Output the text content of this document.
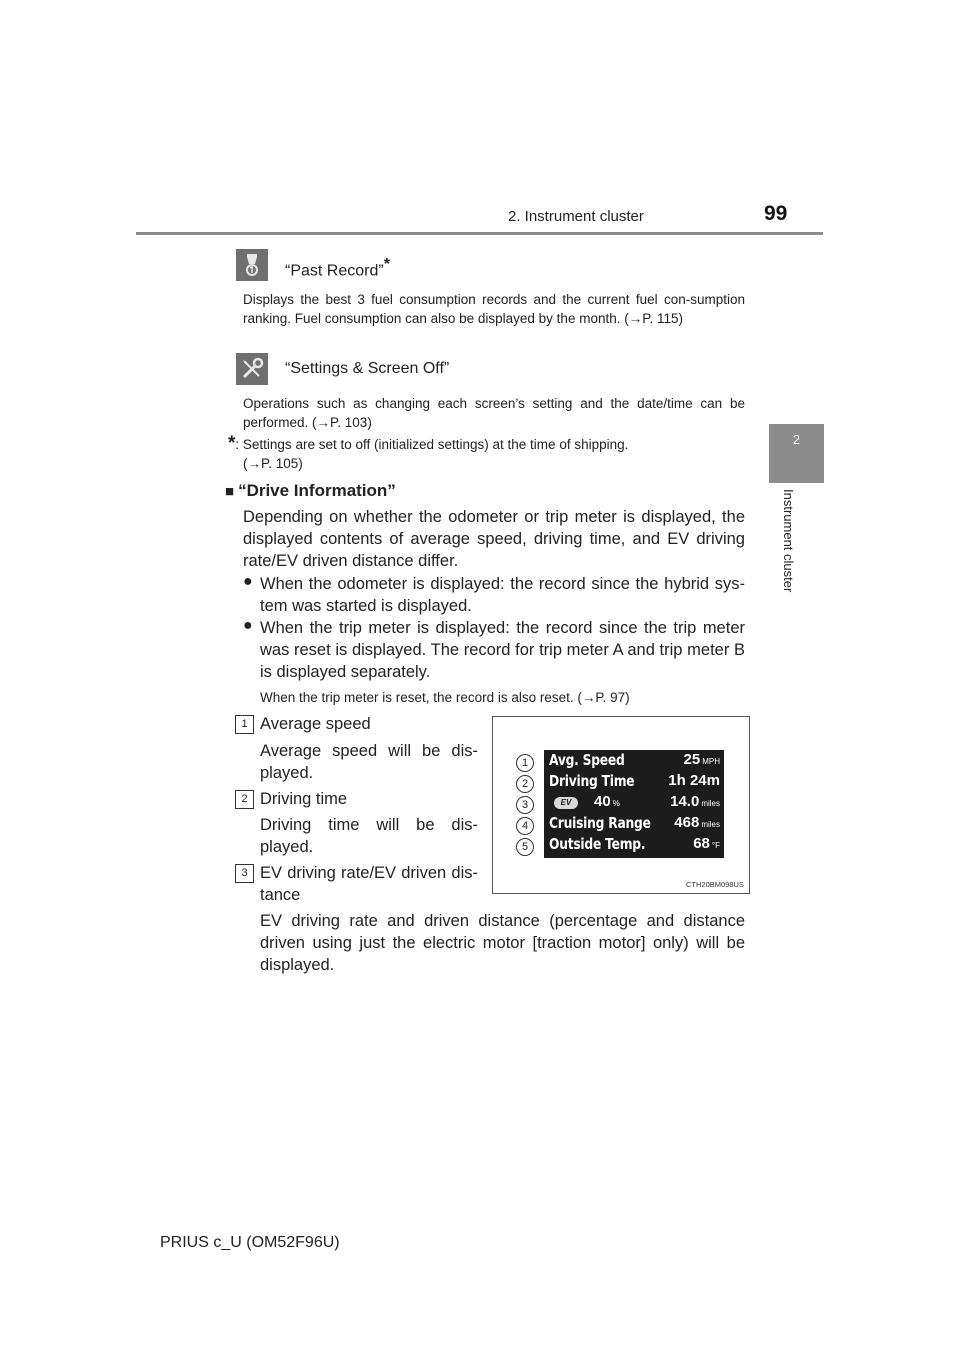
2. Instrument cluster	99
2
Instrument cluster
“Past Record”*
Displays the best 3 fuel consumption records and the current fuel con-sumption ranking. Fuel consumption can also be displayed by the month. (→P. 115)
“Settings & Screen Off”
Operations such as changing each screen’s setting and the date/time can be performed. (→P. 103)
*: Settings are set to off (initialized settings) at the time of shipping.
(→P. 105)
■ “Drive Information”
Depending on whether the odometer or trip meter is displayed, the displayed contents of average speed, driving time, and EV driving rate/EV driven distance differ.
● When the odometer is displayed: the record since the hybrid sys-tem was started is displayed.
● When the trip meter is displayed: the record since the trip meter was reset is displayed. The record for trip meter A and trip meter B is displayed separately.
When the trip meter is reset, the record is also reset. (→P. 97)
1 Average speed
Average speed will be dis-played.
2 Driving time
Driving time will be dis-played.
3 EV driving rate/EV driven dis-tance
EV driving rate and driven distance (percentage and distance driven using just the electric motor [traction motor] only) will be displayed.
1
2
3
4
5
Avg. Speed	25 MPH
Driving Time 1h 24m
EV	40 %	14.0 miles
Cruising Range 468 miles
Outside Temp.	68 °F
CTH20BM098US
PRIUS c_U (OM52F96U)
